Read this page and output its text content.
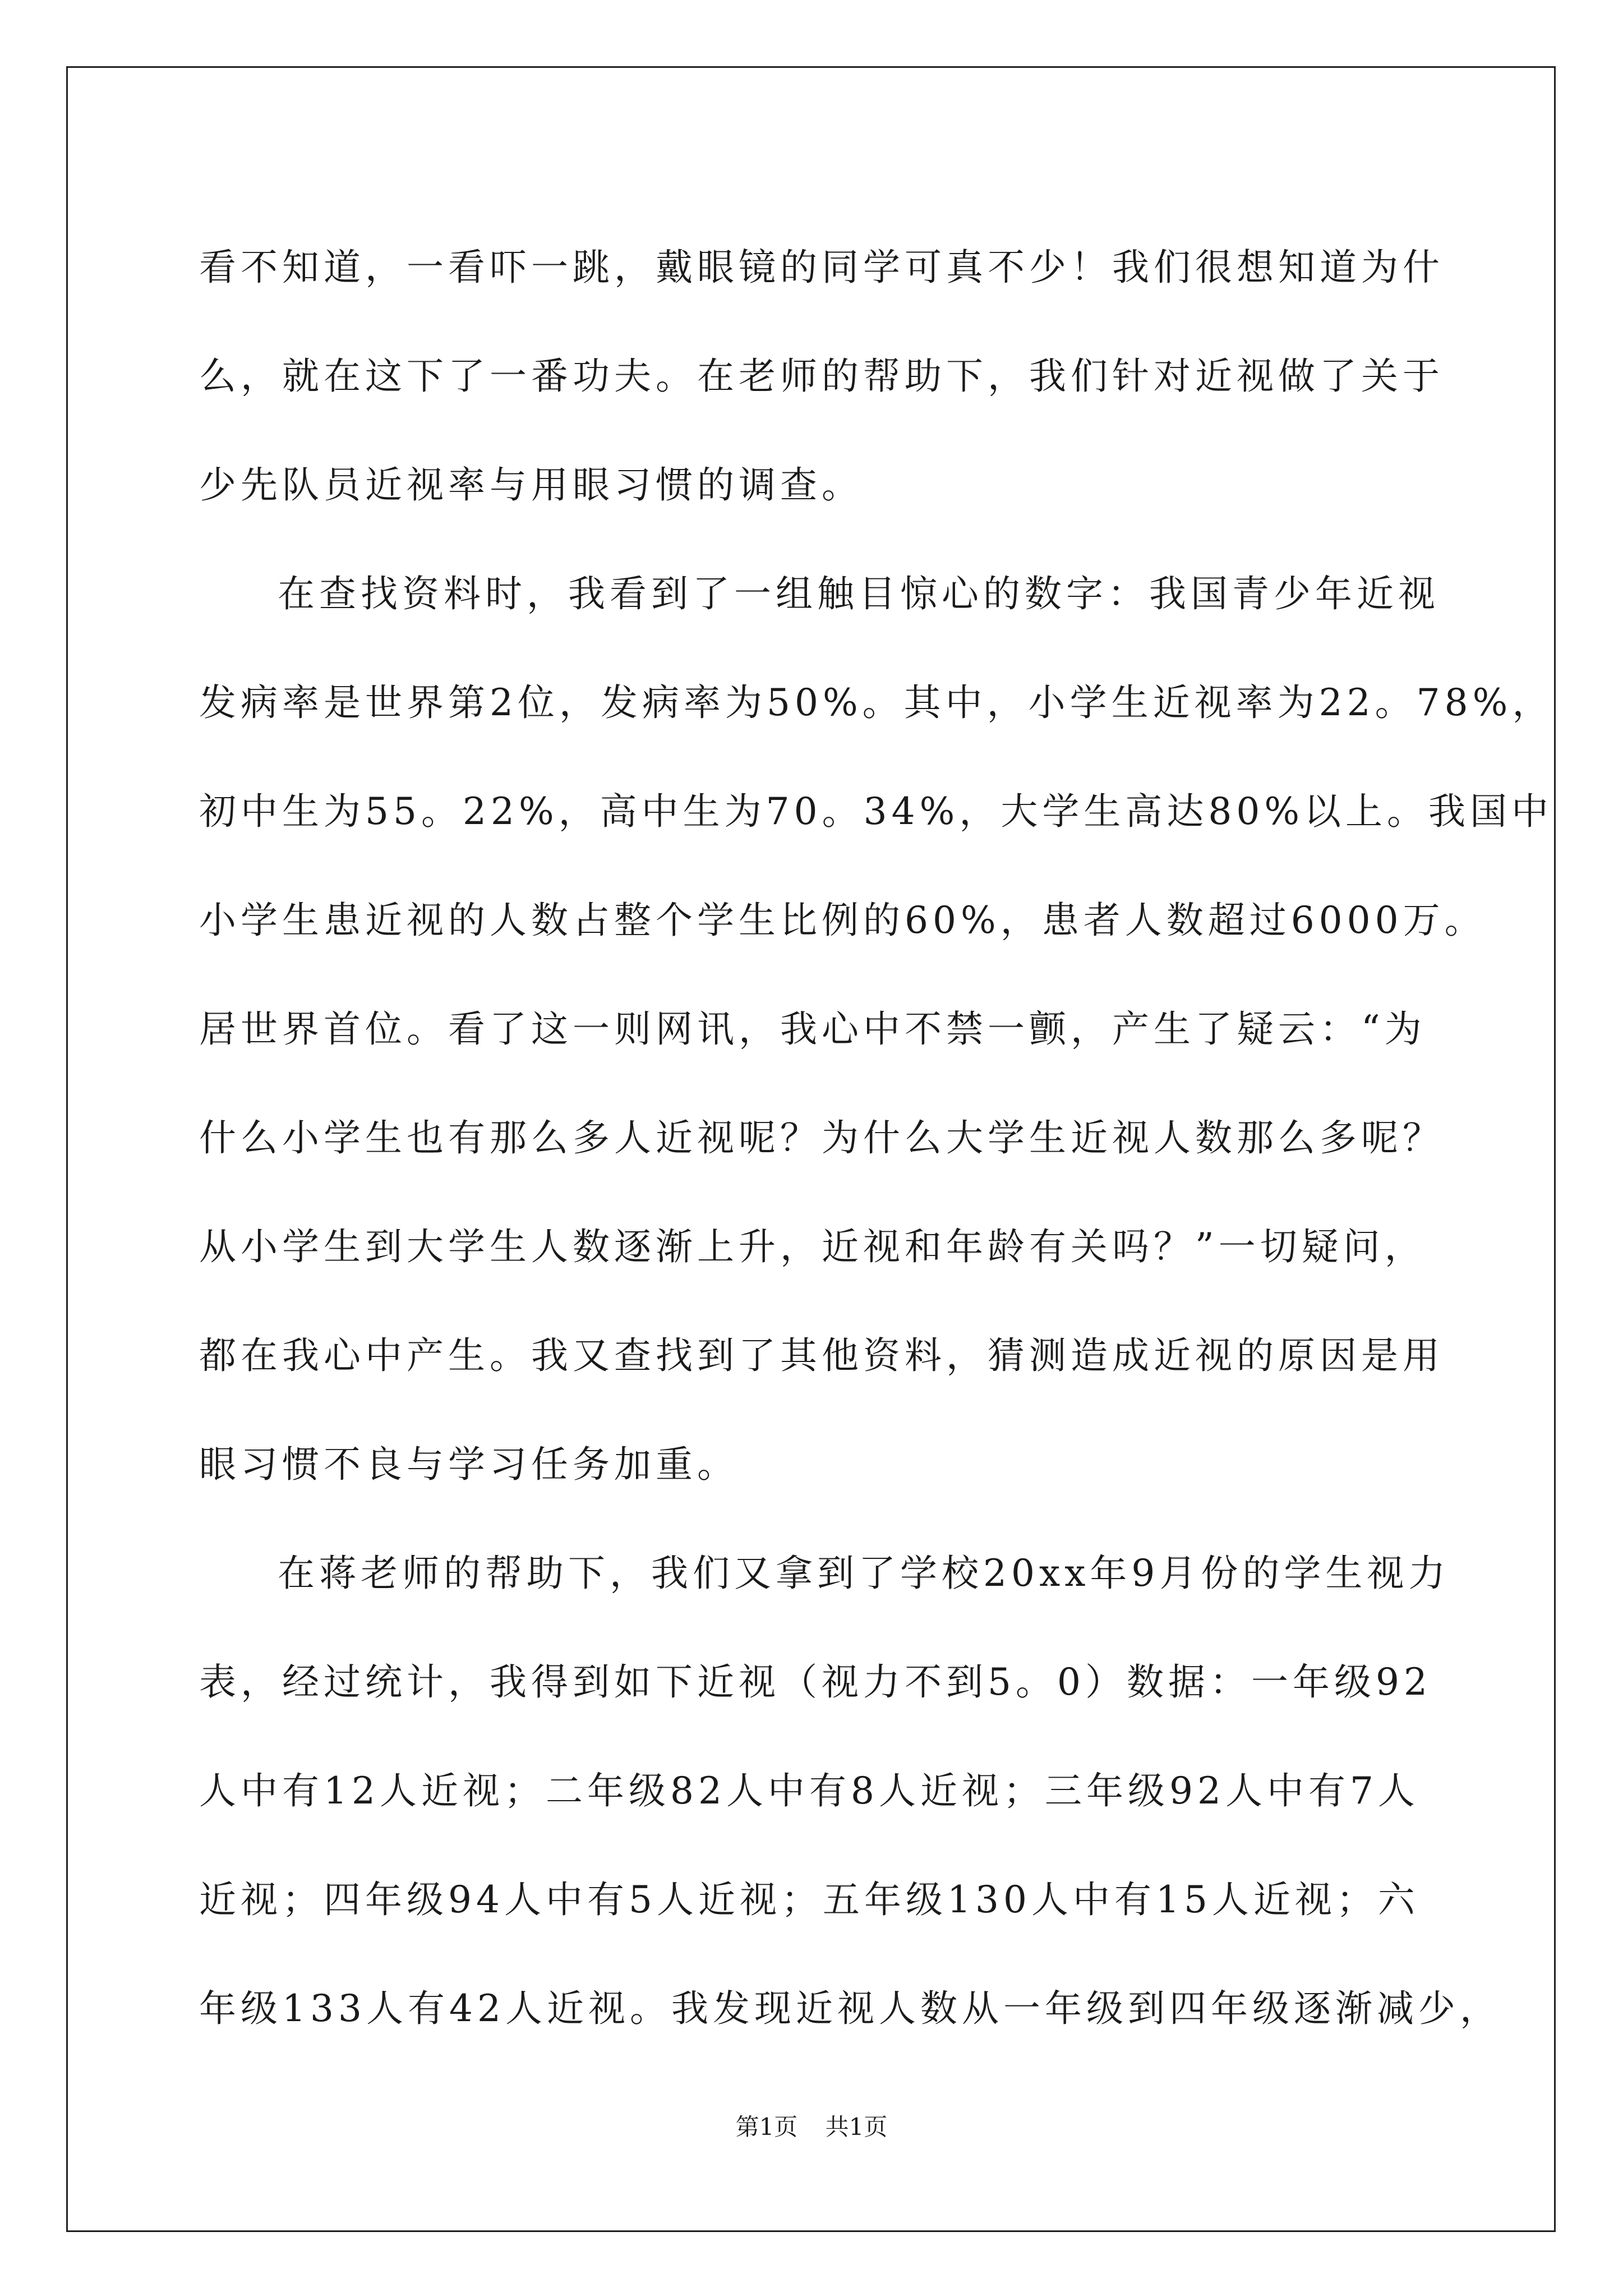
看不知道，一看吓一跳，戴眼镜的同学可真不少！我们很想知道为什
么，就在这下了一番功夫。在老师的帮助下，我们针对近视做了关于
少先队员近视率与用眼习惯的调查。
在查找资料时，我看到了一组触目惊心的数字：我国青少年近视
发病率是世界第2位，发病率为50%。其中，小学生近视率为22。78%，
初中生为55。22%，高中生为70。34%，大学生高达80%以上。我国中
小学生患近视的人数占整个学生比例的60%，患者人数超过6000万。
居世界首位。看了这一则网讯，我心中不禁一颤，产生了疑云：“为
什么小学生也有那么多人近视呢？为什么大学生近视人数那么多呢？
从小学生到大学生人数逐渐上升，近视和年龄有关吗？”一切疑问，
都在我心中产生。我又查找到了其他资料，猜测造成近视的原因是用
眼习惯不良与学习任务加重。
在蒋老师的帮助下，我们又拿到了学校20xx年9月份的学生视力
表，经过统计，我得到如下近视（视力不到5。0）数据：一年级92
人中有12人近视；二年级82人中有8人近视；三年级92人中有7人
近视；四年级94人中有5人近视；五年级130人中有15人近视；六
年级133人有42人近视。我发现近视人数从一年级到四年级逐渐减少，
第1页 共1页
